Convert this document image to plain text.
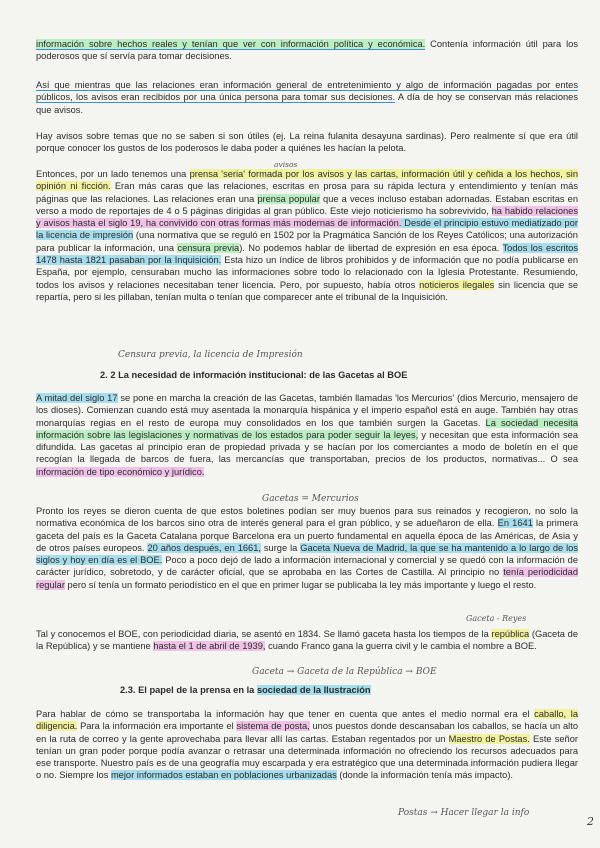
información sobre hechos reales y tenían que ver con información política y económica. Contenía información útil para los poderosos que sí servía para tomar decisiones.

Así que mientras que las relaciones eran información general de entretenimiento y algo de información pagadas por entes públicos, los avisos eran recibidos por una única persona para tomar sus decisiones. A día de hoy se conservan más relaciones que avisos.

Hay avisos sobre temas que no se saben si son útiles (ej. La reina fulanita desayuna sardinas). Pero realmente sí que era útil porque conocer los gustos de los poderosos le daba poder a quiénes les hacían la pelota.

avisos

Entonces, por un lado tenemos una prensa 'seria' formada por los avisos y las cartas, información útil y ceñida a los hechos, sin opinión ni ficción. Eran más caras que las relaciones, escritas en prosa para su rápida lectura y entendimiento y tenían más páginas que las relaciones. Las relaciones eran una prensa popular que a veces incluso estaban adornadas. Estaban escritas en verso a modo de reportajes de 4 o 5 páginas dirigidas al gran público. Este viejo noticierismo ha sobrevivido, ha habido relaciones y avisos hasta el siglo 19, ha convivido con otras formas más modernas de información. Desde el principio estuvo mediatizado por la licencia de impresión (una normativa que se reguló en 1502 por la Pragmática Sanción de los Reyes Católicos; una autorización para publicar la información, una censura previa). No podemos hablar de libertad de expresión en esa época. Todos los escritos 1478 hasta 1821 pasaban por la Inquisición. Esta hizo un índice de libros prohibidos y de información que no podía publicarse en España, por ejemplo, censuraban mucho las informaciones sobre todo lo relacionado con la Iglesia Protestante. Resumiendo, todos los avisos y relaciones necesitaban tener licencia. Pero, por supuesto, había otros noticieros ilegales sin licencia que se repartía, pero si les pillaban, tenían multa o tenían que comparecer ante el tribunal de la Inquisición.

Censura previa, la licencia de Impresión

2. 2 La necesidad de información institucional: de las Gacetas al BOE

A mitad del siglo 17 se pone en marcha la creación de las Gacetas, también llamadas 'los Mercurios' (dios Mercurio, mensajero de los dioses). Comienzan cuando está muy asentada la monarquía hispánica y el imperio español está en auge. También hay otras monarquías regias en el resto de europa muy consolidados en los que también surgen la Gacetas. La sociedad necesita información sobre las legislaciones y normativas de los estados para poder seguir la leyes, y necesitan que esta información sea difundida. Las gacetas al principio eran de propiedad privada y se hacían por los comerciantes a modo de boletín en el que recogían la llegada de barcos de fuera, las mercancías que transportaban, precios de los productos, normativas... O sea información de tipo económico y jurídico.

Gacetas = Mercurios

Pronto los reyes se dieron cuenta de que estos boletines podían ser muy buenos para sus reinados y recogieron, no solo la normativa económica de los barcos sino otra de interés general para el gran público, y se adueñaron de ella. En 1641 la primera gaceta del país es la Gaceta Catalana porque Barcelona era un puerto fundamental en aquella época de las Américas, de Asia y de otros países europeos. 20 años después, en 1661, surge la Gaceta Nueva de Madrid, la que se ha mantenido a lo largo de los siglos y hoy en día es el BOE. Poco a poco dejó de lado a información internacional y comercial y se quedó con la información de carácter jurídico, sobretodo, y de carácter oficial, que se aprobaba en las Cortes de Castilla. Al principio no tenía periodicidad regular pero sí tenía un formato periodístico en el que en primer lugar se publicaba la ley más importante y luego el resto.

Gaceta - Reyes

Tal y conocemos el BOE, con periodicidad diaria, se asentó en 1834. Se llamó gaceta hasta los tiempos de la república (Gaceta de la República) y se mantiene hasta el 1 de abril de 1939, cuando Franco gana la guerra civil y le cambia el nombre a BOE.

Gaceta → Gaceta de la República → BOE

2.3. El papel de la prensa en la sociedad de la Ilustración

Para hablar de cómo se transportaba la información hay que tener en cuenta que antes el medio normal era el caballo, la diligencia. Para la información era importante el sistema de posta, unos puestos donde descansaban los caballos, se hacía un alto en la ruta de correo y la gente aprovechaba para llevar allí las cartas. Estaban regentados por un Maestro de Postas. Este señor tenían un gran poder porque podía avanzar o retrasar una determinada información no ofreciendo los recursos adecuados para ese transporte. Nuestro país es de una geografía muy escarpada y era estratégico que una determinada información pudiera llegar o no. Siempre los mejor informados estaban en poblaciones urbanizadas (donde la información tenía más impacto).

Postas → Hacer llegar la info
2
